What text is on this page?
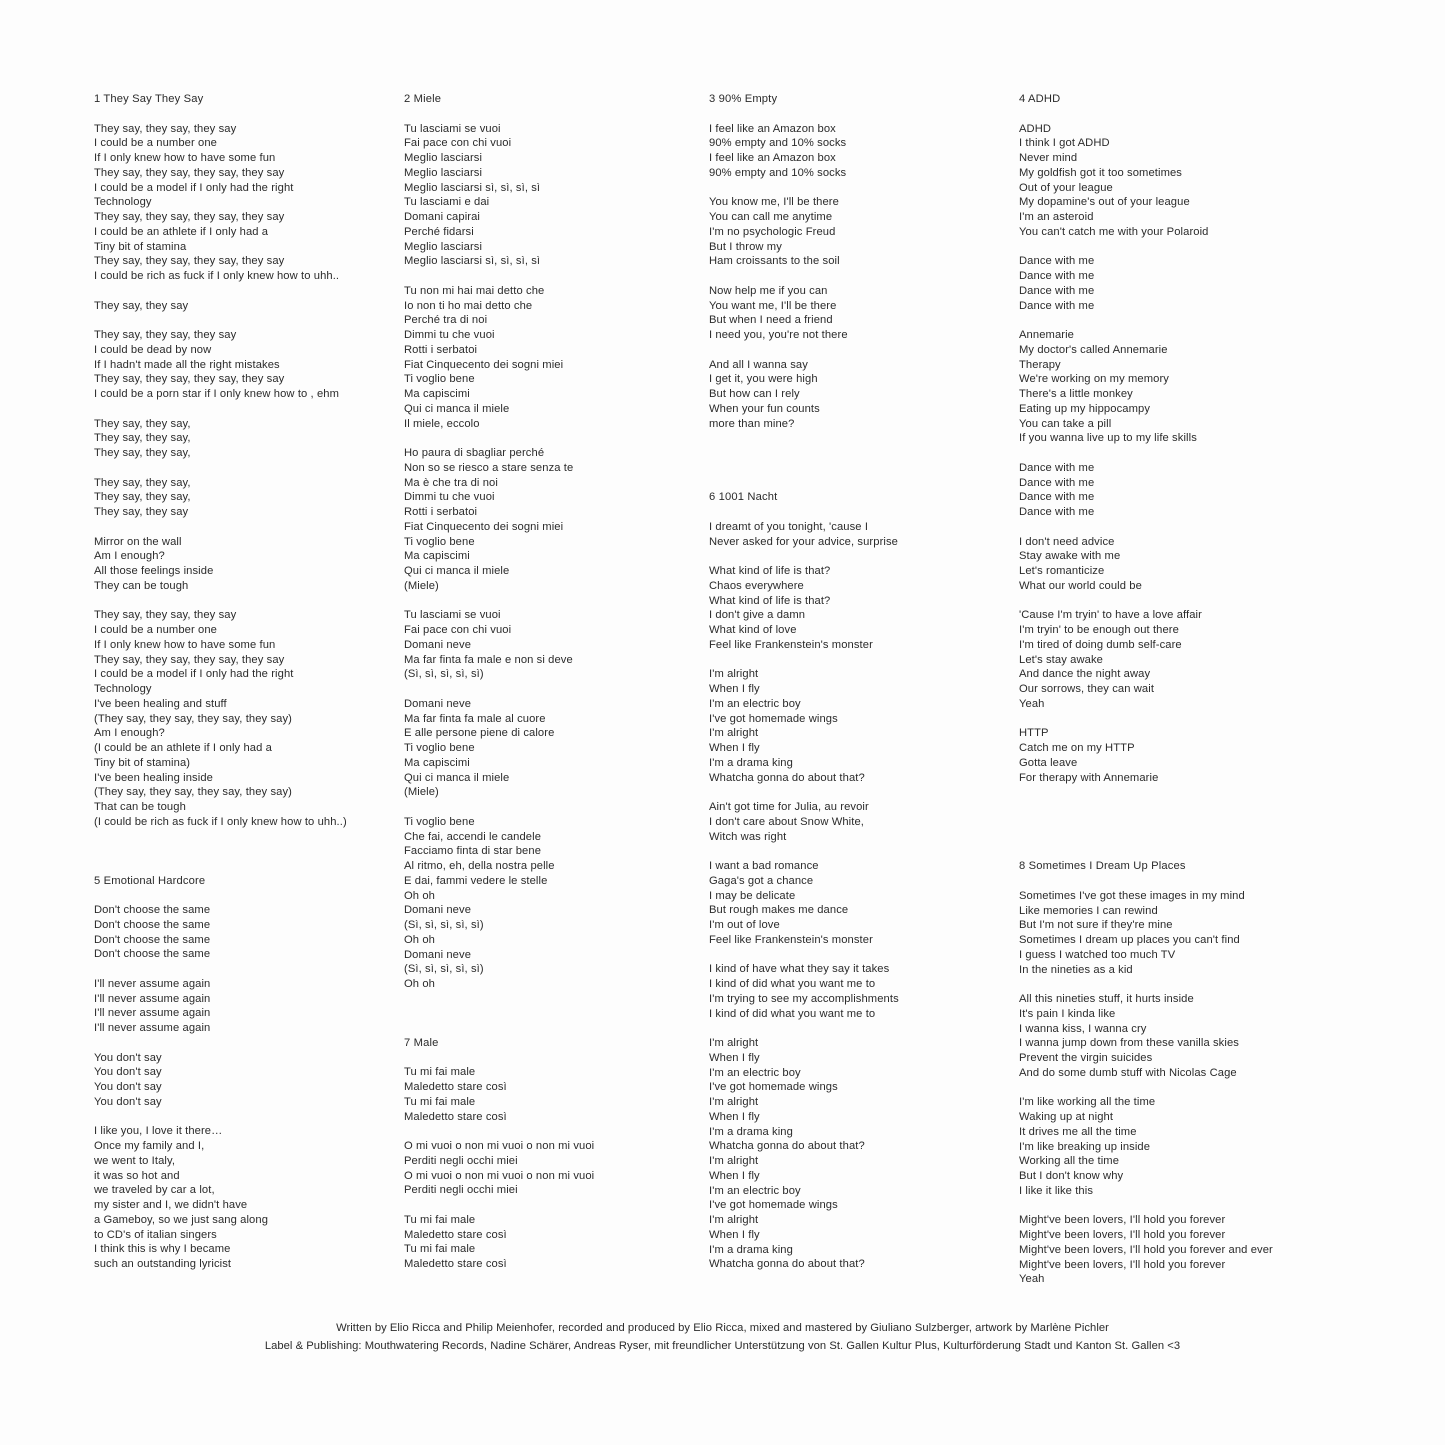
1 They Say They Say
They say, they say, they say
I could be a number one
If I only knew how to have some fun
They say, they say, they say, they say
I could be a model if I only had the right
Technology
They say, they say, they say, they say
I could be an athlete if I only had a
Tiny bit of stamina
They say, they say, they say, they say
I could be rich as fuck if I only knew how to uhh..
They say, they say
They say, they say, they say
I could be dead by now
If I hadn't made all the right mistakes
They say, they say, they say, they say
I could be a porn star if I only knew how to , ehm
They say, they say,
They say, they say,
They say, they say,
They say, they say,
They say, they say,
They say, they say
Mirror on the wall
Am I enough?
All those feelings inside
They can be tough
They say, they say, they say
I could be a number one
If I only knew how to have some fun
They say, they say, they say, they say
I could be a model if I only had the right
Technology
I've been healing and stuff
(They say, they say, they say, they say)
Am I enough?
(I could be an athlete if I only had a
Tiny bit of stamina)
I've been healing inside
(They say, they say, they say, they say)
That can be tough
(I could be rich as fuck if I only knew how to uhh..)
5 Emotional Hardcore
Don't choose the same
Don't choose the same
Don't choose the same
Don't choose the same
I'll never assume again
I'll never assume again
I'll never assume again
I'll never assume again
You don't say
You don't say
You don't say
You don't say
I like you, I love it there…
Once my family and I,
we went to Italy,
it was so hot and
we traveled by car a lot,
my sister and I, we didn't have
a Gameboy, so we just sang along
to CD's of italian singers
I think this is why I became
such an outstanding lyricist
2 Miele
Tu lasciami se vuoi
Fai pace con chi vuoi
Meglio lasciarsi
Meglio lasciarsi
Meglio lasciarsi sì, sì, sì, sì
Tu lasciami e dai
Domani capirai
Perché fidarsi
Meglio lasciarsi
Meglio lasciarsi sì, sì, sì, sì
Tu non mi hai mai detto che
Io non ti ho mai detto che
Perché tra di noi
Dimmi tu che vuoi
Rotti i serbatoi
Fiat Cinquecento dei sogni miei
Ti voglio bene
Ma capiscimi
Qui ci manca il miele
Il miele, eccolo
Ho paura di sbagliar perché
Non so se riesco a stare senza te
Ma è che tra di noi
Dimmi tu che vuoi
Rotti i serbatoi
Fiat Cinquecento dei sogni miei
Ti voglio bene
Ma capiscimi
Qui ci manca il miele
(Miele)
Tu lasciami se vuoi
Fai pace con chi vuoi
Domani neve
Ma far finta fa male e non si deve
(Sì, sì, sì, sì, sì)
Domani neve
Ma far finta fa male al cuore
E alle persone piene di calore
Ti voglio bene
Ma capiscimi
Qui ci manca il miele
(Miele)
Ti voglio bene
Che fai, accendi le candele
Facciamo finta di star bene
Al ritmo, eh, della nostra pelle
E dai, fammi vedere le stelle
Oh oh
Domani neve
(Sì, sì, sì, sì, sì)
Oh oh
Domani neve
(Sì, sì, sì, sì, sì)
Oh oh
7 Male
Tu mi fai male
Maledetto stare così
Tu mi fai male
Maledetto stare così
O mi vuoi o non mi vuoi o non mi vuoi
Perditi negli occhi miei
O mi vuoi o non mi vuoi o non mi vuoi
Perditi negli occhi miei
Tu mi fai male
Maledetto stare così
Tu mi fai male
Maledetto stare così
3 90% Empty
I feel like an Amazon box
90% empty and 10% socks
I feel like an Amazon box
90% empty and 10% socks
You know me, I'll be there
You can call me anytime
I'm no psychologic Freud
But I throw my
Ham croissants to the soil
Now help me if you can
You want me, I'll be there
But when I need a friend
I need you, you're not there
And all I wanna say
I get it, you were high
But how can I rely
When your fun counts
more than mine?
6 1001 Nacht
I dreamt of you tonight, 'cause I
Never asked for your advice, surprise
What kind of life is that?
Chaos everywhere
What kind of life is that?
I don't give a damn
What kind of love
Feel like Frankenstein's monster
I'm alright
When I fly
I'm an electric boy
I've got homemade wings
I'm alright
When I fly
I'm a drama king
Whatcha gonna do about that?
Ain't got time for Julia, au revoir
I don't care about Snow White,
Witch was right
I want a bad romance
Gaga's got a chance
I may be delicate
But rough makes me dance
I'm out of love
Feel like Frankenstein's monster
I kind of have what they say it takes
I kind of did what you want me to
I'm trying to see my accomplishments
I kind of did what you want me to
I'm alright
When I fly
I'm an electric boy
I've got homemade wings
I'm alright
When I fly
I'm a drama king
Whatcha gonna do about that?
I'm alright
When I fly
I'm an electric boy
I've got homemade wings
I'm alright
When I fly
I'm a drama king
Whatcha gonna do about that?
4 ADHD
ADHD
I think I got ADHD
Never mind
My goldfish got it too sometimes
Out of your league
My dopamine's out of your league
I'm an asteroid
You can't catch me with your Polaroid
Dance with me
Dance with me
Dance with me
Dance with me
Annemarie
My doctor's called Annemarie
Therapy
We're working on my memory
There's a little monkey
Eating up my hippocampy
You can take a pill
If you wanna live up to my life skills
Dance with me
Dance with me
Dance with me
Dance with me
I don't need advice
Stay awake with me
Let's romanticize
What our world could be
'Cause I'm tryin' to have a love affair
I'm tryin' to be enough out there
I'm tired of doing dumb self-care
Let's stay awake
And dance the night away
Our sorrows, they can wait
Yeah
HTTP
Catch me on my HTTP
Gotta leave
For therapy with Annemarie
8 Sometimes I Dream Up Places
Sometimes I've got these images in my mind
Like memories I can rewind
But I'm not sure if they're mine
Sometimes I dream up places you can't find
I guess I watched too much TV
In the nineties as a kid
All this nineties stuff, it hurts inside
It's pain I kinda like
I wanna kiss, I wanna cry
I wanna jump down from these vanilla skies
Prevent the virgin suicides
And do some dumb stuff with Nicolas Cage
I'm like working all the time
Waking up at night
It drives me all the time
I'm like breaking up inside
Working all the time
But I don't know why
I like it like this
Might've been lovers, I'll hold you forever
Might've been lovers, I'll hold you forever
Might've been lovers, I'll hold you forever and ever
Might've been lovers, I'll hold you forever
Yeah
Written by Elio Ricca and Philip Meienhofer, recorded and produced by Elio Ricca, mixed and mastered by Giuliano Sulzberger, artwork by Marlène Pichler
Label & Publishing: Mouthwatering Records, Nadine Schärer, Andreas Ryser, mit freundlicher Unterstützung von St. Gallen Kultur Plus, Kulturförderung Stadt und Kanton St. Gallen <3
